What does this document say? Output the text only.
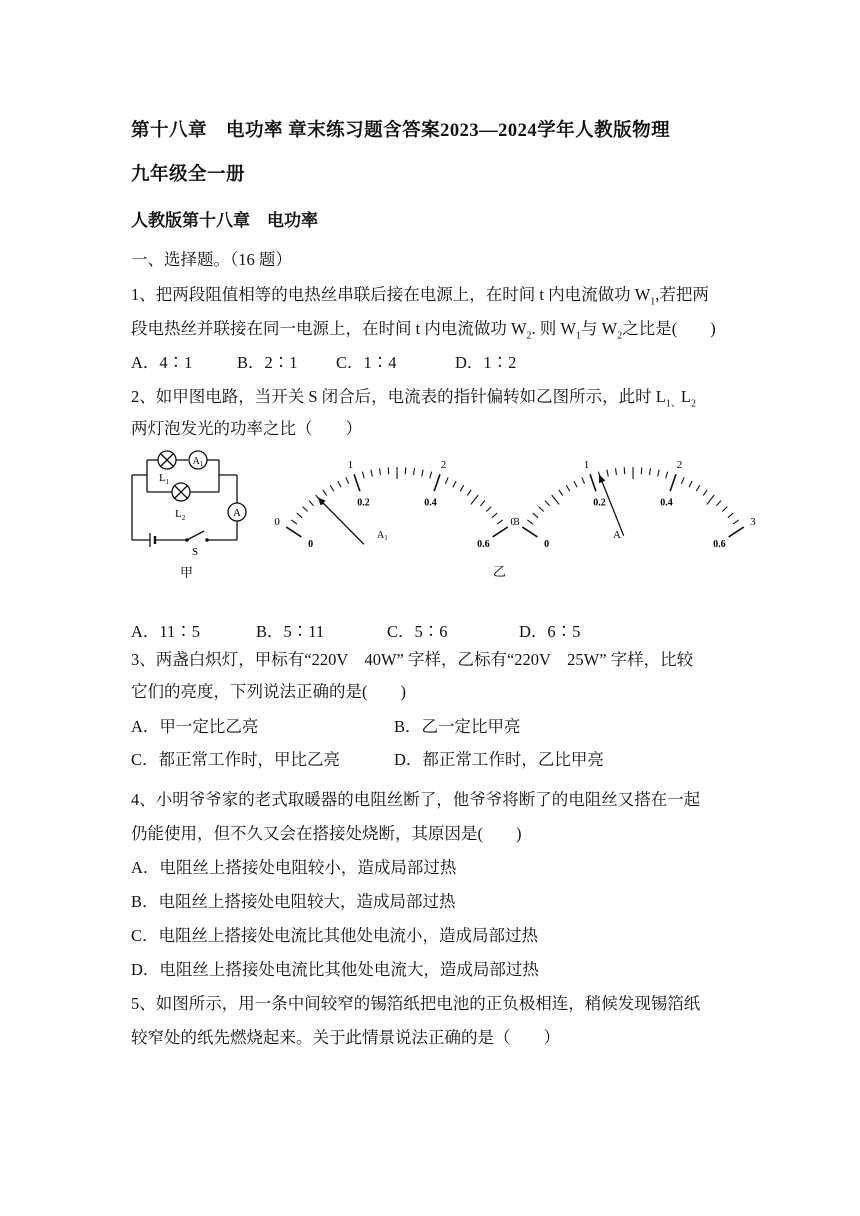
第十八章　电功率 章末练习题含答案2023—2024学年人教版物理
九年级全一册
人教版第十八章　电功率
一、选择题。（16 题）
1、把两段阻值相等的电热丝串联后接在电源上，在时间 t 内电流做功 $W_1$,若把两
段电热丝并联接在同一电源上，在时间 t 内电流做功 $W_2$. 则 $W_1$与 $W_2$之比是(　　)
A．4∶1	B．2∶1 C．1∶4	D．1∶2
2、如甲图电路，当开关 S 闭合后，电流表的指针偏转如乙图所示，此时 $L_{1、}L_2$
两灯泡发光的功率之比（　　）
$A_1$
A
$L_1$
$L_2$
S
甲
0
1	2
3
0
0.2	0.4
0.6
0
1	2
3
0
0.2	0.4
0.6
$A_1$	A
乙
A．11∶5	B．5∶11	C．5∶6	D．6∶5
3、两盏白炽灯，甲标有“220V　40W” 字样，乙标有“220V　25W” 字样，比较
它们的亮度，下列说法正确的是(　　)
A．甲一定比乙亮	B．乙一定比甲亮
C．都正常工作时，甲比乙亮	D．都正常工作时，乙比甲亮
4、小明爷爷家的老式取暖器的电阻丝断了，他爷爷将断了的电阻丝又搭在一起
仍能使用，但不久又会在搭接处烧断，其原因是(　　)
A．电阻丝上搭接处电阻较小，造成局部过热
B．电阻丝上搭接处电阻较大，造成局部过热
C．电阻丝上搭接处电流比其他处电流小，造成局部过热
D．电阻丝上搭接处电流比其他处电流大，造成局部过热
5、如图所示，用一条中间较窄的锡箔纸把电池的正负极相连，稍候发现锡箔纸
较窄处的纸先燃烧起来。关于此情景说法正确的是（　　）
